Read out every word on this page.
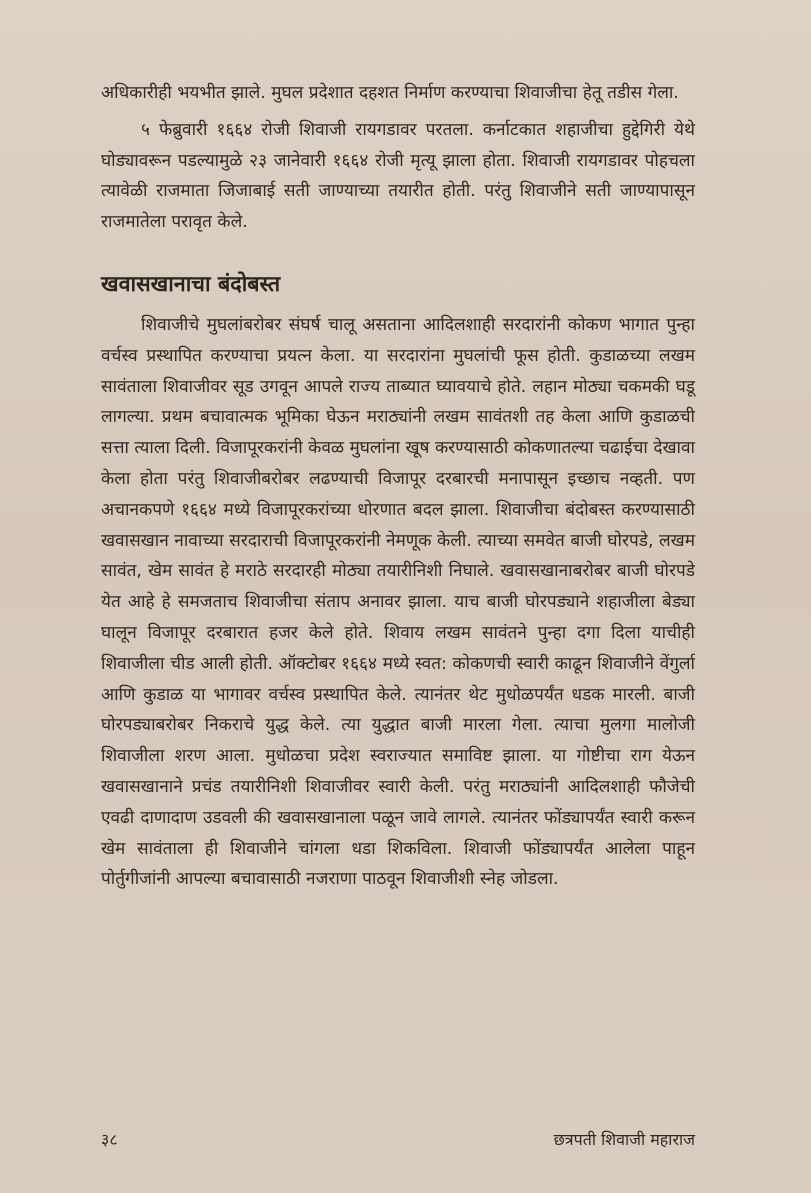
अधिकारीही भयभीत झाले. मुघल प्रदेशात दहशत निर्माण करण्याचा शिवाजीचा हेतू तडीस गेला.

५ फेब्रुवारी १६६४ रोजी शिवाजी रायगडावर परतला. कर्नाटकात शहाजीचा हुद्देगिरी येथे घोड्यावरून पडल्यामुळे २३ जानेवारी १६६४ रोजी मृत्यू झाला होता. शिवाजी रायगडावर पोहचला त्यावेळी राजमाता जिजाबाई सती जाण्याच्या तयारीत होती. परंतु शिवाजीने सती जाण्यापासून राजमातेला परावृत केले.

खवासखानाचा बंदोबस्त

शिवाजीचे मुघलांबरोबर संघर्ष चालू असताना आदिलशाही सरदारांनी कोकण भागात पुन्हा वर्चस्व प्रस्थापित करण्याचा प्रयत्न केला. या सरदारांना मुघलांची फूस होती. कुडाळच्या लखम सावंताला शिवाजीवर सूड उगवून आपले राज्य ताब्यात घ्यावयाचे होते. लहान मोठ्या चकमकी घडू लागल्या. प्रथम बचावात्मक भूमिका घेऊन मराठ्यांनी लखम सावंतशी तह केला आणि कुडाळची सत्ता त्याला दिली. विजापूरकरांनी केवळ मुघलांना खूष करण्यासाठी कोकणातल्या चढाईचा देखावा केला होता परंतु शिवाजीबरोबर लढण्याची विजापूर दरबारची मनापासून इच्छाच नव्हती. पण अचानकपणे १६६४ मध्ये विजापूरकरांच्या धोरणात बदल झाला. शिवाजीचा बंदोबस्त करण्यासाठी खवासखान नावाच्या सरदाराची विजापूरकरांनी नेमणूक केली. त्याच्या समवेत बाजी घोरपडे, लखम सावंत, खेम सावंत हे मराठे सरदारही मोठ्या तयारीनिशी निघाले. खवासखानाबरोबर बाजी घोरपडे येत आहे हे समजताच शिवाजीचा संताप अनावर झाला. याच बाजी घोरपड्याने शहाजीला बेड्या घालून विजापूर दरबारात हजर केले होते. शिवाय लखम सावंतने पुन्हा दगा दिला याचीही शिवाजीला चीड आली होती. ऑक्टोबर १६६४ मध्ये स्वत: कोकणची स्वारी काढून शिवाजीने वेंगुर्ला आणि कुडाळ या भागावर वर्चस्व प्रस्थापित केले. त्यानंतर थेट मुधोळपर्यंत धडक मारली. बाजी घोरपड्याबरोबर निकराचे युद्ध केले. त्या युद्धात बाजी मारला गेला. त्याचा मुलगा मालोजी शिवाजीला शरण आला. मुधोळचा प्रदेश स्वराज्यात समाविष्ट झाला. या गोष्टीचा राग येऊन खवासखानाने प्रचंड तयारीनिशी शिवाजीवर स्वारी केली. परंतु मराठ्यांनी आदिलशाही फौजेची एवढी दाणादाण उडवली की खवासखानाला पळून जावे लागले. त्यानंतर फोंड्यापर्यंत स्वारी करून खेम सावंताला ही शिवाजीने चांगला धडा शिकविला. शिवाजी फोंड्यापर्यंत आलेला पाहून पोर्तुगीजांनी आपल्या बचावासाठी नजराणा पाठवून शिवाजीशी स्नेह जोडला.

३८	छत्रपती शिवाजी महाराज
